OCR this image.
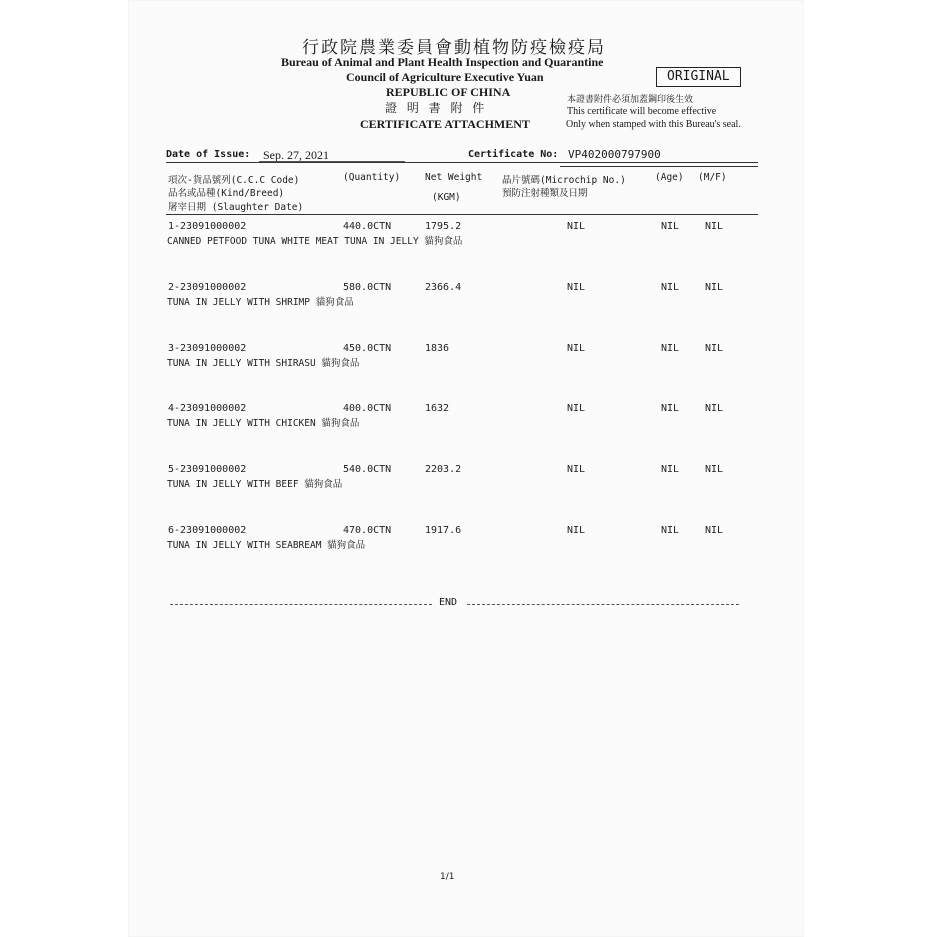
行政院農業委員會動植物防疫檢疫局
Bureau of Animal and Plant Health Inspection and Quarantine
Council of Agriculture Executive Yuan
REPUBLIC OF CHINA
證 明 書 附 件
CERTIFICATE ATTACHMENT
ORIGINAL
本證書附件必須加蓋鋼印後生效
This certificate will become effective
Only when stamped with this Bureau's seal.
Date of Issue: Sep. 27, 2021	Certificate No: VP402000797900
項次-貨品號列(C.C.C Code)
品名或品種(Kind/Breed)
屠宰日期 (Slaughter Date)
(Quantity)	Net Weight
(KGM)
晶片號碼(Microchip No.)
預防注射種類及日期
(Age) (M/F)
1-23091000002	440.0CTN	1795.2	NIL	NIL	NIL
CANNED PETFOOD TUNA WHITE MEAT TUNA IN JELLY 貓狗食品
2-23091000002	580.0CTN	2366.4	NIL	NIL	NIL
TUNA IN JELLY WITH SHRIMP 貓狗食品
3-23091000002	450.0CTN	1836	NIL	NIL	NIL
TUNA IN JELLY WITH SHIRASU 貓狗食品
4-23091000002	400.0CTN	1632	NIL	NIL	NIL
TUNA IN JELLY WITH CHICKEN 貓狗食品
5-23091000002	540.0CTN	2203.2	NIL	NIL	NIL
TUNA IN JELLY WITH BEEF 貓狗食品
6-23091000002	470.0CTN	1917.6	NIL	NIL	NIL
TUNA IN JELLY WITH SEABREAM 貓狗食品
END
1/1
